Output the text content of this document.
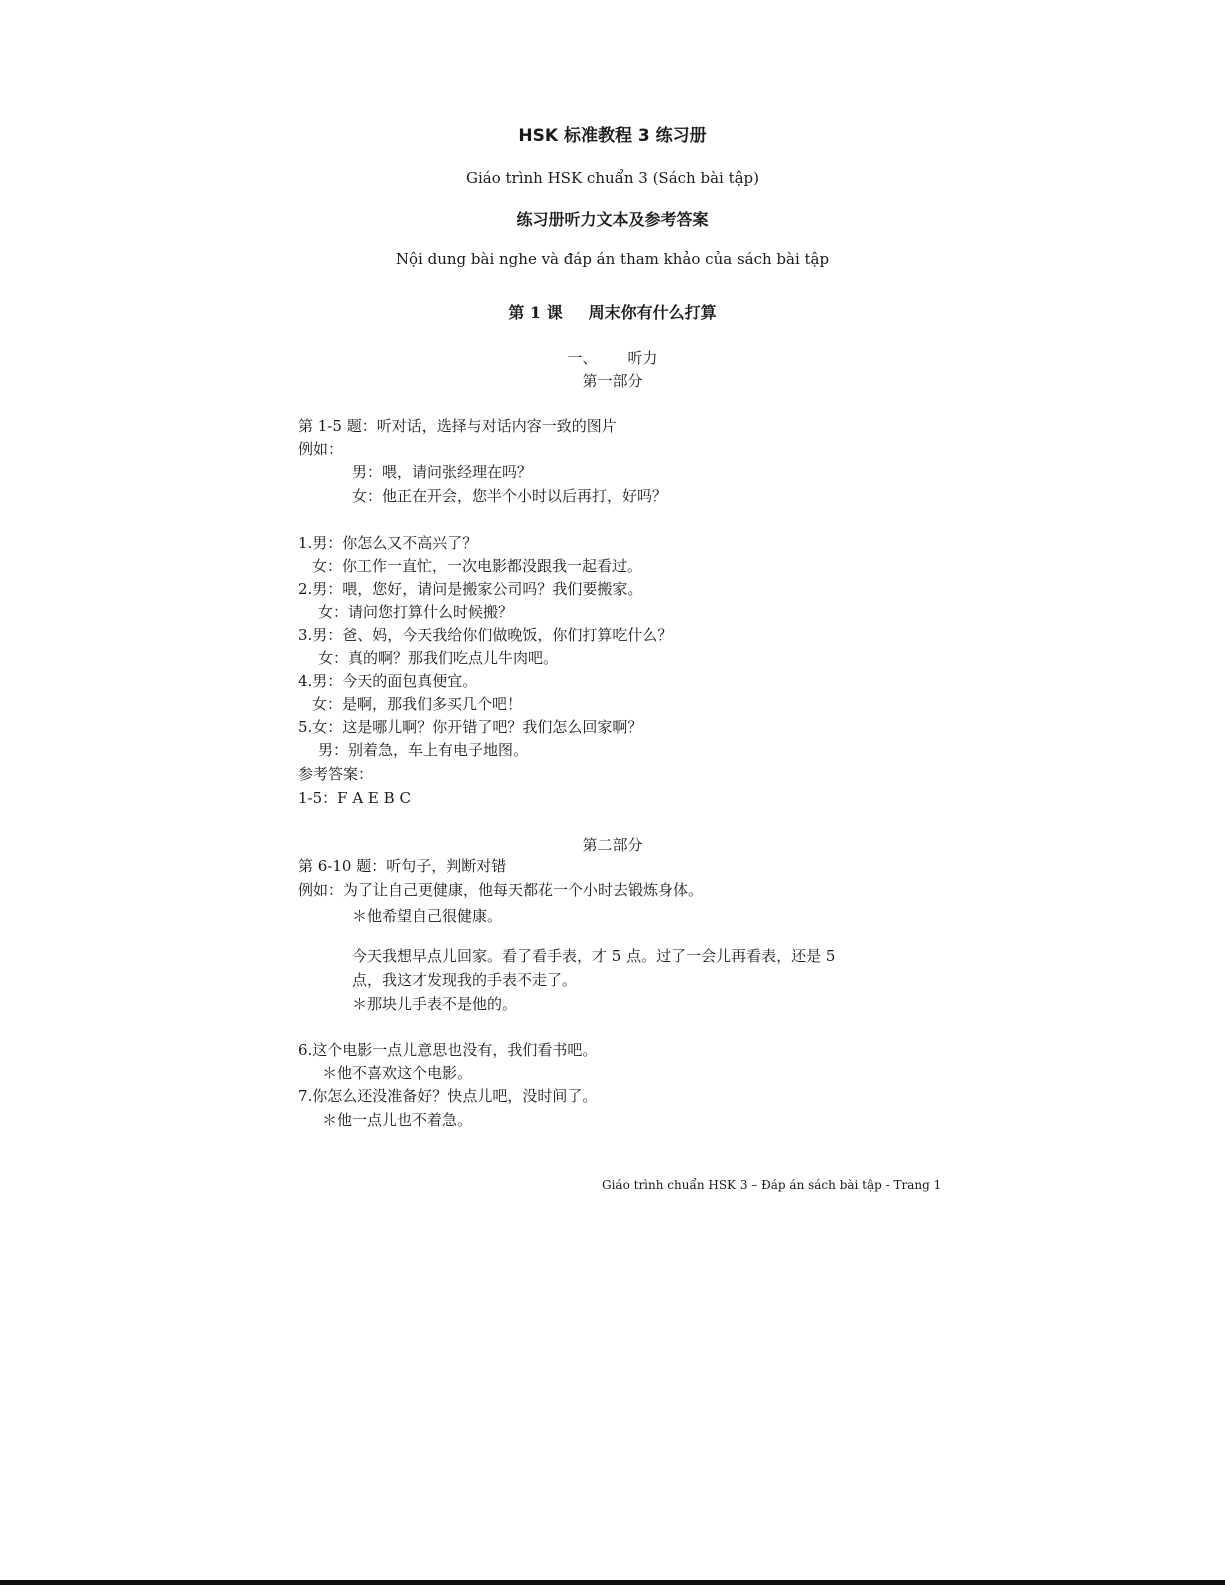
HSK 标准教程 3 练习册
Giáo trình HSK chuẩn 3 (Sách bài tập)
练习册听力文本及参考答案
Nội dung bài nghe và đáp án tham khảo của sách bài tập
第 1 课 周末你有什么打算
一、 听力
第一部分
第 1-5 题：听对话，选择与对话内容一致的图片
例如：
男：喂，请问张经理在吗？
女：他正在开会，您半个小时以后再打，好吗？
1.男：你怎么又不高兴了？
女：你工作一直忙，一次电影都没跟我一起看过。
2.男：喂，您好，请问是搬家公司吗？我们要搬家。
女：请问您打算什么时候搬？
3.男：爸、妈，今天我给你们做晚饭，你们打算吃什么？
女：真的啊？那我们吃点儿牛肉吧。
4.男：今天的面包真便宜。
女：是啊，那我们多买几个吧！
5.女：这是哪儿啊？你开错了吧？我们怎么回家啊？
男：别着急，车上有电子地图。
参考答案：
1-5：F A E B C
第二部分
第 6-10 题：听句子，判断对错
例如：为了让自己更健康，他每天都花一个小时去锻炼身体。
＊他希望自己很健康。
今天我想早点儿回家。看了看手表，才 5 点。过了一会儿再看表，还是 5
点，我这才发现我的手表不走了。
＊那块儿手表不是他的。
6.这个电影一点儿意思也没有，我们看书吧。
＊他不喜欢这个电影。
7.你怎么还没准备好？快点儿吧，没时间了。
＊他一点儿也不着急。
Giáo trình chuẩn HSK 3 – Đáp án sách bài tập - Trang 1
